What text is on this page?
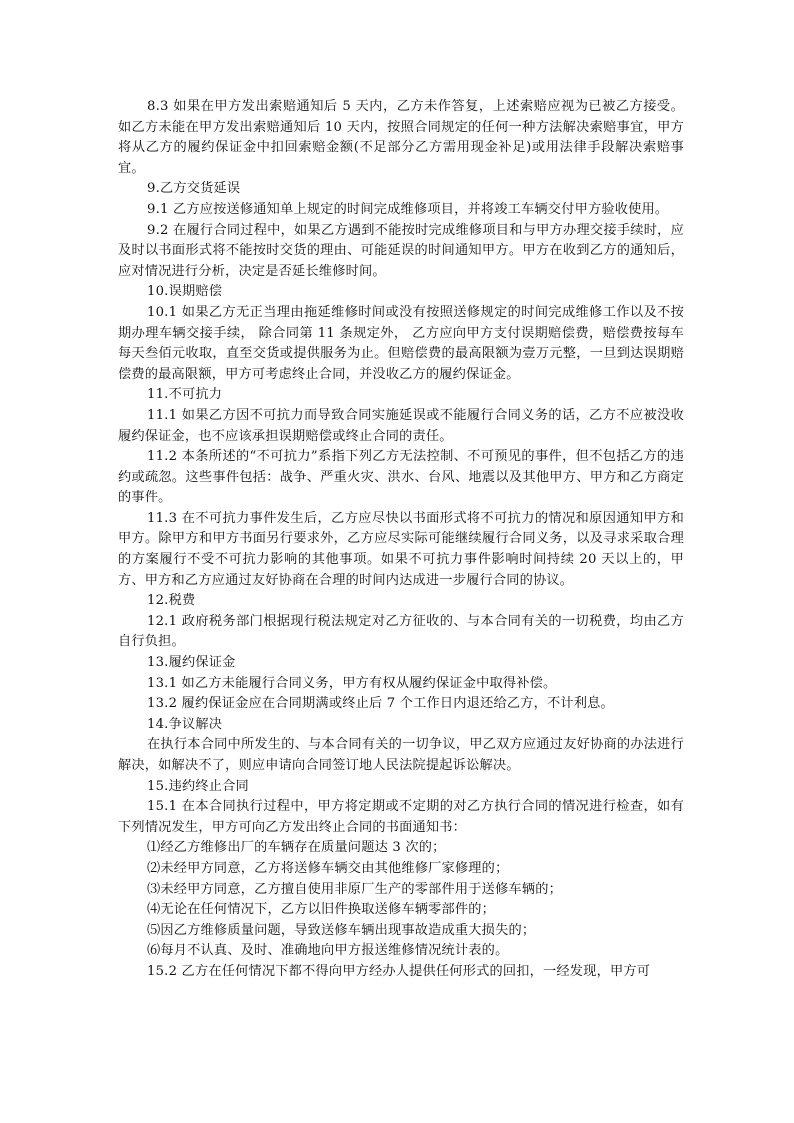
8.3 如果在甲方发出索赔通知后 5 天内，乙方未作答复，上述索赔应视为已被乙方接受。如乙方未能在甲方发出索赔通知后 10 天内，按照合同规定的任何一种方法解决索赔事宜，甲方将从乙方的履约保证金中扣回索赔金额(不足部分乙方需用现金补足)或用法律手段解决索赔事宜。

9.乙方交货延误

9.1 乙方应按送修通知单上规定的时间完成维修项目，并将竣工车辆交付甲方验收使用。

9.2 在履行合同过程中，如果乙方遇到不能按时完成维修项目和与甲方办理交接手续时，应及时以书面形式将不能按时交货的理由、可能延误的时间通知甲方。甲方在收到乙方的通知后，应对情况进行分析，决定是否延长维修时间。

10.误期赔偿

10.1 如果乙方无正当理由拖延维修时间或没有按照送修规定的时间完成维修工作以及不按期办理车辆交接手续， 除合同第 11 条规定外， 乙方应向甲方支付误期赔偿费，赔偿费按每车每天叁佰元收取，直至交货或提供服务为止。但赔偿费的最高限额为壹万元整，一旦到达误期赔偿费的最高限额，甲方可考虑终止合同，并没收乙方的履约保证金。

11.不可抗力

11.1 如果乙方因不可抗力而导致合同实施延误或不能履行合同义务的话，乙方不应被没收履约保证金，也不应该承担误期赔偿或终止合同的责任。

11.2 本条所述的“不可抗力”系指下列乙方无法控制、不可预见的事件，但不包括乙方的违约或疏忽。这些事件包括：战争、严重火灾、洪水、台风、地震以及其他甲方、甲方和乙方商定的事件。

11.3 在不可抗力事件发生后，乙方应尽快以书面形式将不可抗力的情况和原因通知甲方和甲方。除甲方和甲方书面另行要求外，乙方应尽实际可能继续履行合同义务，以及寻求采取合理的方案履行不受不可抗力影响的其他事项。如果不可抗力事件影响时间持续 20 天以上的，甲方、甲方和乙方应通过友好协商在合理的时间内达成进一步履行合同的协议。

12.税费

12.1 政府税务部门根据现行税法规定对乙方征收的、与本合同有关的一切税费，均由乙方自行负担。

13.履约保证金

13.1 如乙方未能履行合同义务，甲方有权从履约保证金中取得补偿。

13.2 履约保证金应在合同期满或终止后 7 个工作日内退还给乙方，不计利息。

14.争议解决

在执行本合同中所发生的、与本合同有关的一切争议，甲乙双方应通过友好协商的办法进行解决，如解决不了，则应申请向合同签订地人民法院提起诉讼解决。

15.违约终止合同

15.1 在本合同执行过程中，甲方将定期或不定期的对乙方执行合同的情况进行检查，如有下列情况发生，甲方可向乙方发出终止合同的书面通知书：

⑴经乙方维修出厂的车辆存在质量问题达 3 次的；

⑵未经甲方同意，乙方将送修车辆交由其他维修厂家修理的；

⑶未经甲方同意，乙方擅自使用非原厂生产的零部件用于送修车辆的；

⑷无论在任何情况下，乙方以旧件换取送修车辆零部件的；

⑸因乙方维修质量问题，导致送修车辆出现事故造成重大损失的；

⑹每月不认真、及时、准确地向甲方报送维修情况统计表的。

15.2 乙方在任何情况下都不得向甲方经办人提供任何形式的回扣，一经发现，甲方可
